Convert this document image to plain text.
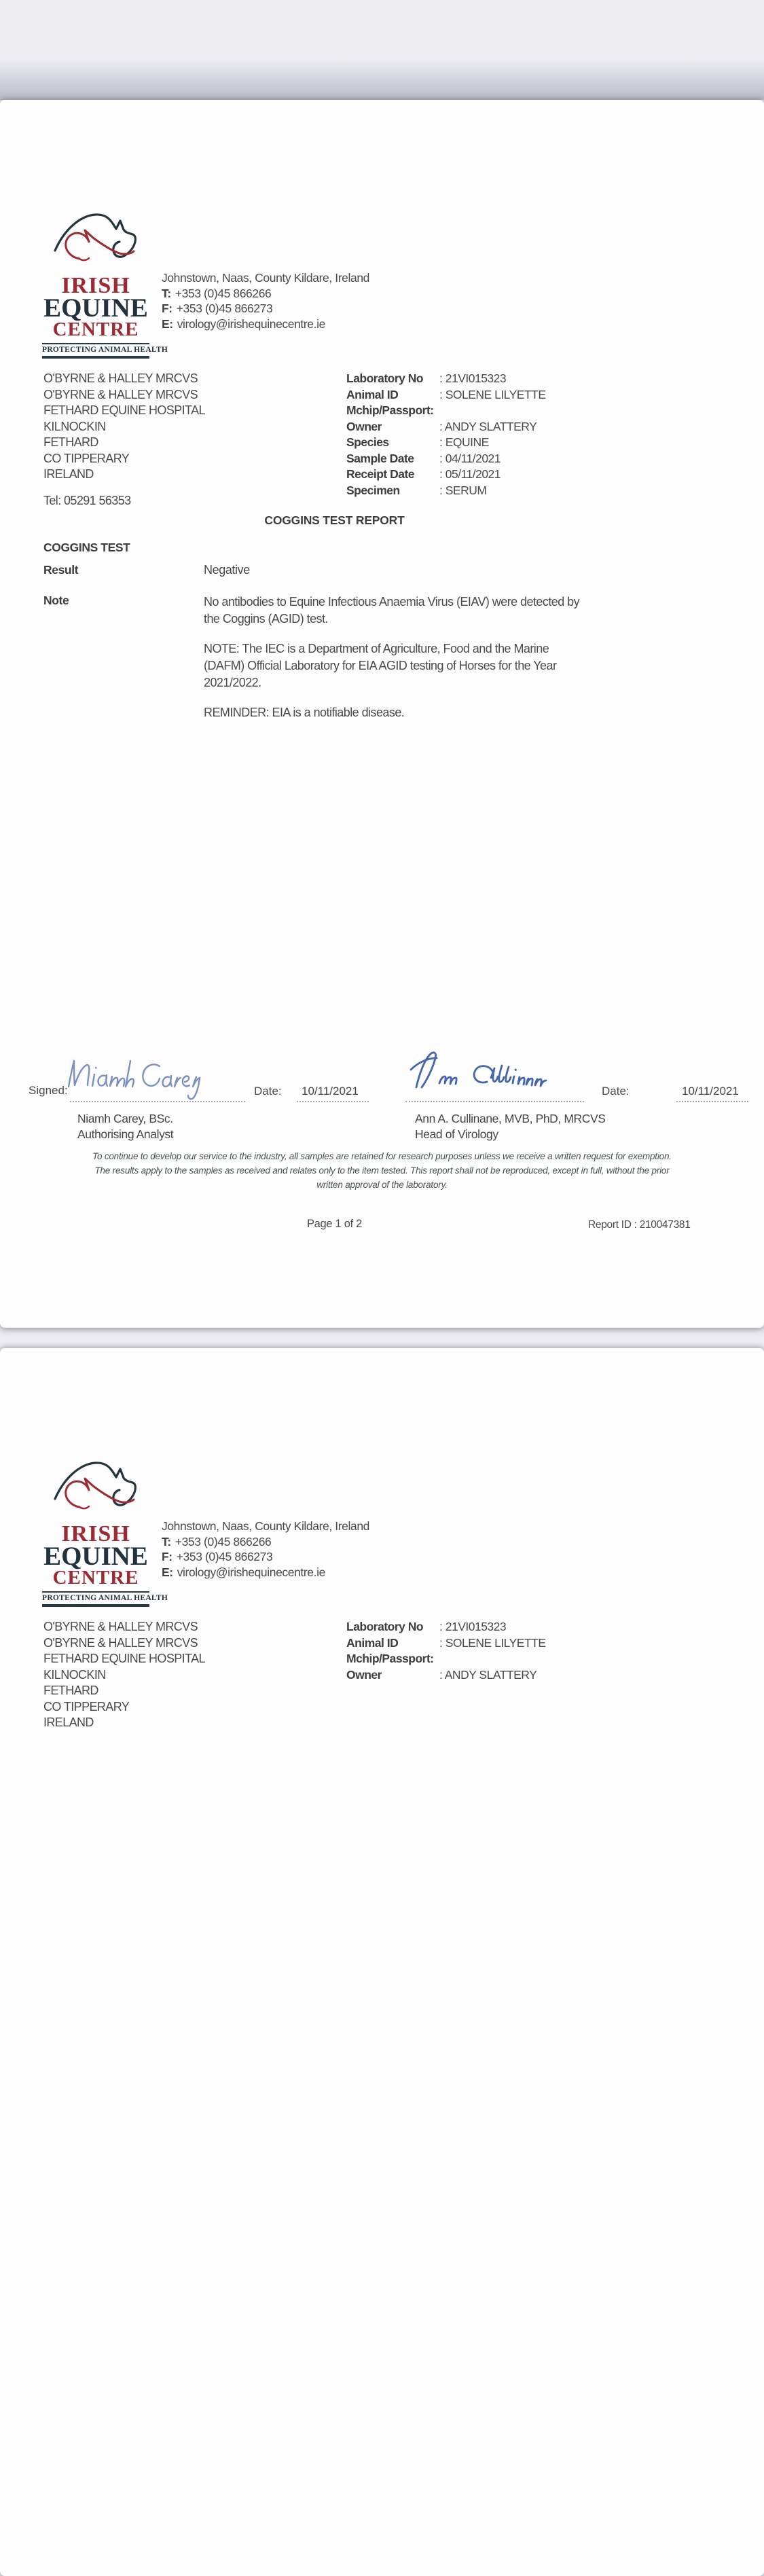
IRISH
EQUINE
CENTRE
PROTECTING ANIMAL HEALTH
Johnstown, Naas, County Kildare, Ireland
T: +353 (0)45 866266
F: +353 (0)45 866273
E: virology@irishequinecentre.ie
O'BYRNE & HALLEY MRCVS
O'BYRNE & HALLEY MRCVS
FETHARD EQUINE HOSPITAL
KILNOCKIN
FETHARD
CO TIPPERARY
IRELAND
Tel: 05291 56353
Laboratory No	: 21VI015323
Animal ID	: SOLENE LILYETTE
Mchip/Passport:
Owner	: ANDY SLATTERY
Species	: EQUINE
Sample Date	: 04/11/2021
Receipt Date	: 05/11/2021
Specimen	: SERUM
COGGINS TEST REPORT
COGGINS TEST
Result	Negative
Note	No antibodies to Equine Infectious Anaemia Virus (EIAV) were detected by
the Coggins (AGID) test.
NOTE: The IEC is a Department of Agriculture, Food and the Marine
(DAFM) Official Laboratory for EIA AGID testing of Horses for the Year
2021/2022.
REMINDER: EIA is a notifiable disease.
Signed:	Date: 10/11/2021	Date:	10/11/2021
Niamh Carey, BSc.
Authorising Analyst
Ann A. Cullinane, MVB, PhD, MRCVS
Head of Virology
To continue to develop our service to the industry, all samples are retained for research purposes unless we receive a written request for exemption.
The results apply to the samples as received and relates only to the item tested. This report shall not be reproduced, except in full, without the prior
written approval of the laboratory.
Page 1 of 2	Report ID : 210047381
IRISH
EQUINE
CENTRE
PROTECTING ANIMAL HEALTH
Johnstown, Naas, County Kildare, Ireland
T: +353 (0)45 866266
F: +353 (0)45 866273
E: virology@irishequinecentre.ie
O'BYRNE & HALLEY MRCVS
O'BYRNE & HALLEY MRCVS
FETHARD EQUINE HOSPITAL
KILNOCKIN
FETHARD
CO TIPPERARY
IRELAND
Laboratory No	: 21VI015323
Animal ID	: SOLENE LILYETTE
Mchip/Passport:
Owner	: ANDY SLATTERY
